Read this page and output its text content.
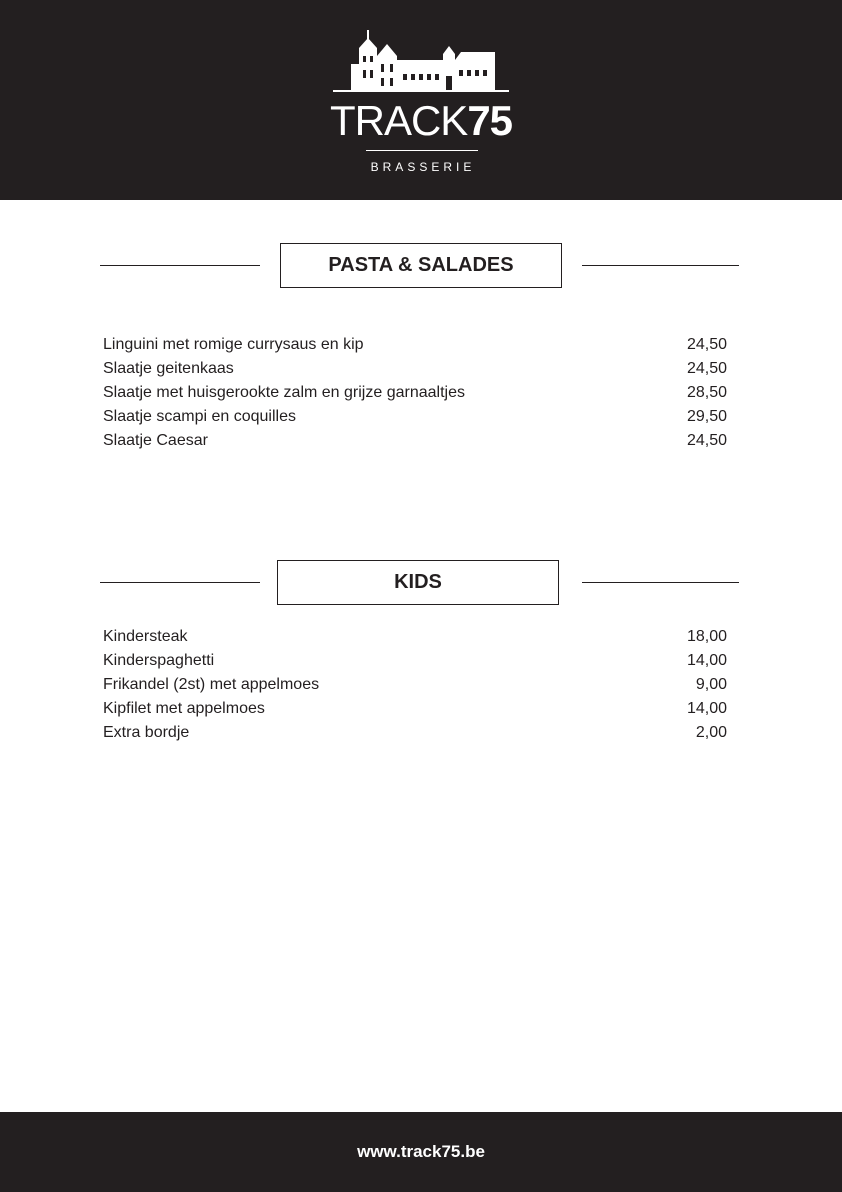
TRACK75
BRASSERIE
PASTA & SALADES
Linguini met romige currysaus en kip	24,50
Slaatje geitenkaas	24,50
Slaatje met huisgerookte zalm en grijze garnaaltjes	28,50
Slaatje scampi en coquilles	29,50
Slaatje Caesar	24,50
KIDS
Kindersteak	18,00
Kinderspaghetti	14,00
Frikandel (2st) met appelmoes	9,00
Kipfilet met appelmoes	14,00
Extra bordje	2,00
www.track75.be
